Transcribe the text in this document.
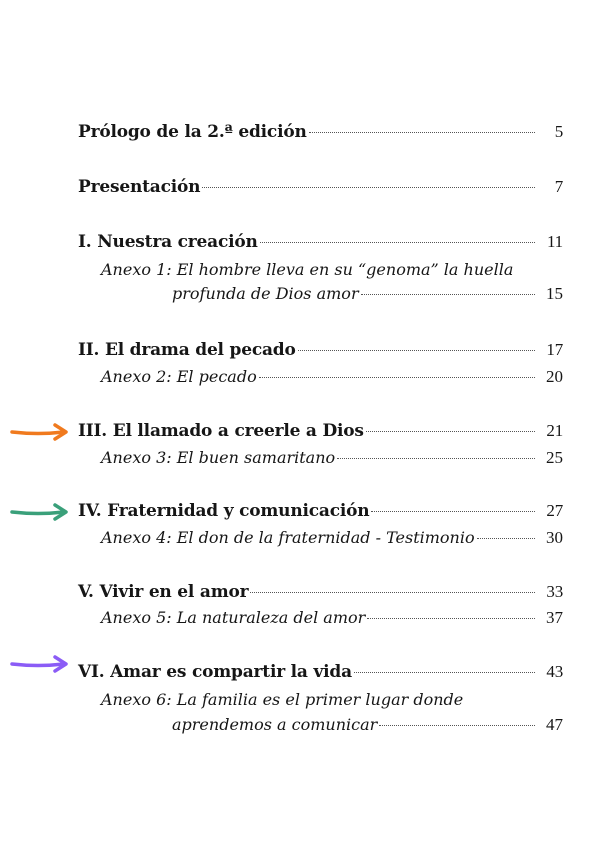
Prólogo de la 2.ª edición	5
Presentación	7
I. Nuestra creación	11
Anexo 1: El hombre lleva en su “genoma” la huella
profunda de Dios amor	15
II. El drama del pecado	17
Anexo 2: El pecado	20
III. El llamado a creerle a Dios	21
Anexo 3: El buen samaritano	25
IV. Fraternidad y comunicación	27
Anexo 4: El don de la fraternidad - Testimonio	30
V. Vivir en el amor	33
Anexo 5: La naturaleza del amor	37
VI. Amar es compartir la vida	43
Anexo 6: La familia es el primer lugar donde
aprendemos a comunicar	47
